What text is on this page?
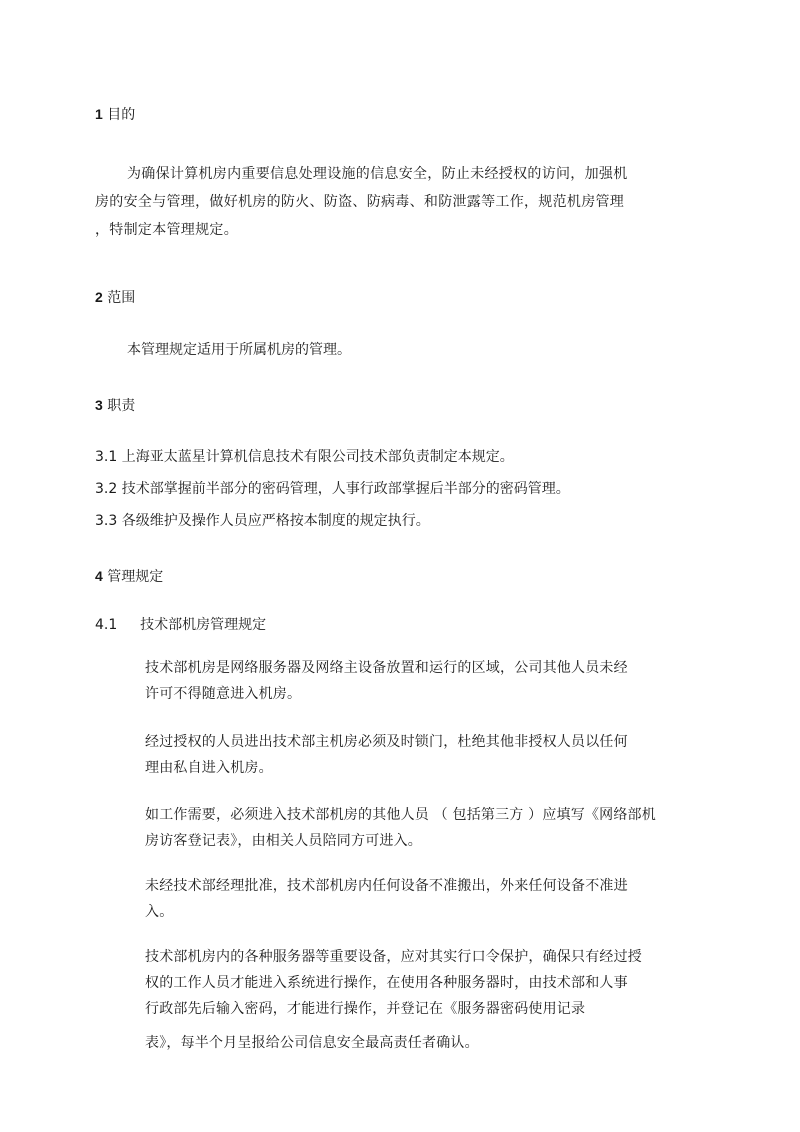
1 目的
为确保计算机房内重要信息处理设施的信息安全，防止未经授权的访问，加强机
房的安全与管理，做好机房的防火、防盗、防病毒、和防泄露等工作，规范机房管理
，特制定本管理规定。
2 范围
本管理规定适用于所属机房的管理。
3 职责
3.1 上海亚太蓝星计算机信息技术有限公司技术部负责制定本规定。
3.2 技术部掌握前半部分的密码管理，人事行政部掌握后半部分的密码管理。
3.3 各级维护及操作人员应严格按本制度的规定执行。
4 管理规定
4.1 技术部机房管理规定
技术部机房是网络服务器及网络主设备放置和运行的区域，公司其他人员未经
许可不得随意进入机房。
经过授权的人员进出技术部主机房必须及时锁门，杜绝其他非授权人员以任何
理由私自进入机房。
如工作需要，必须进入技术部机房的其他人员 （ 包括第三方 ）应填写《网络部机
房访客登记表》，由相关人员陪同方可进入。
未经技术部经理批准，技术部机房内任何设备不准搬出，外来任何设备不准进
入。
技术部机房内的各种服务器等重要设备，应对其实行口令保护，确保只有经过授
权的工作人员才能进入系统进行操作，在使用各种服务器时，由技术部和人事
行政部先后输入密码，才能进行操作，并登记在《服务器密码使用记录
表》，每半个月呈报给公司信息安全最高责任者确认。
